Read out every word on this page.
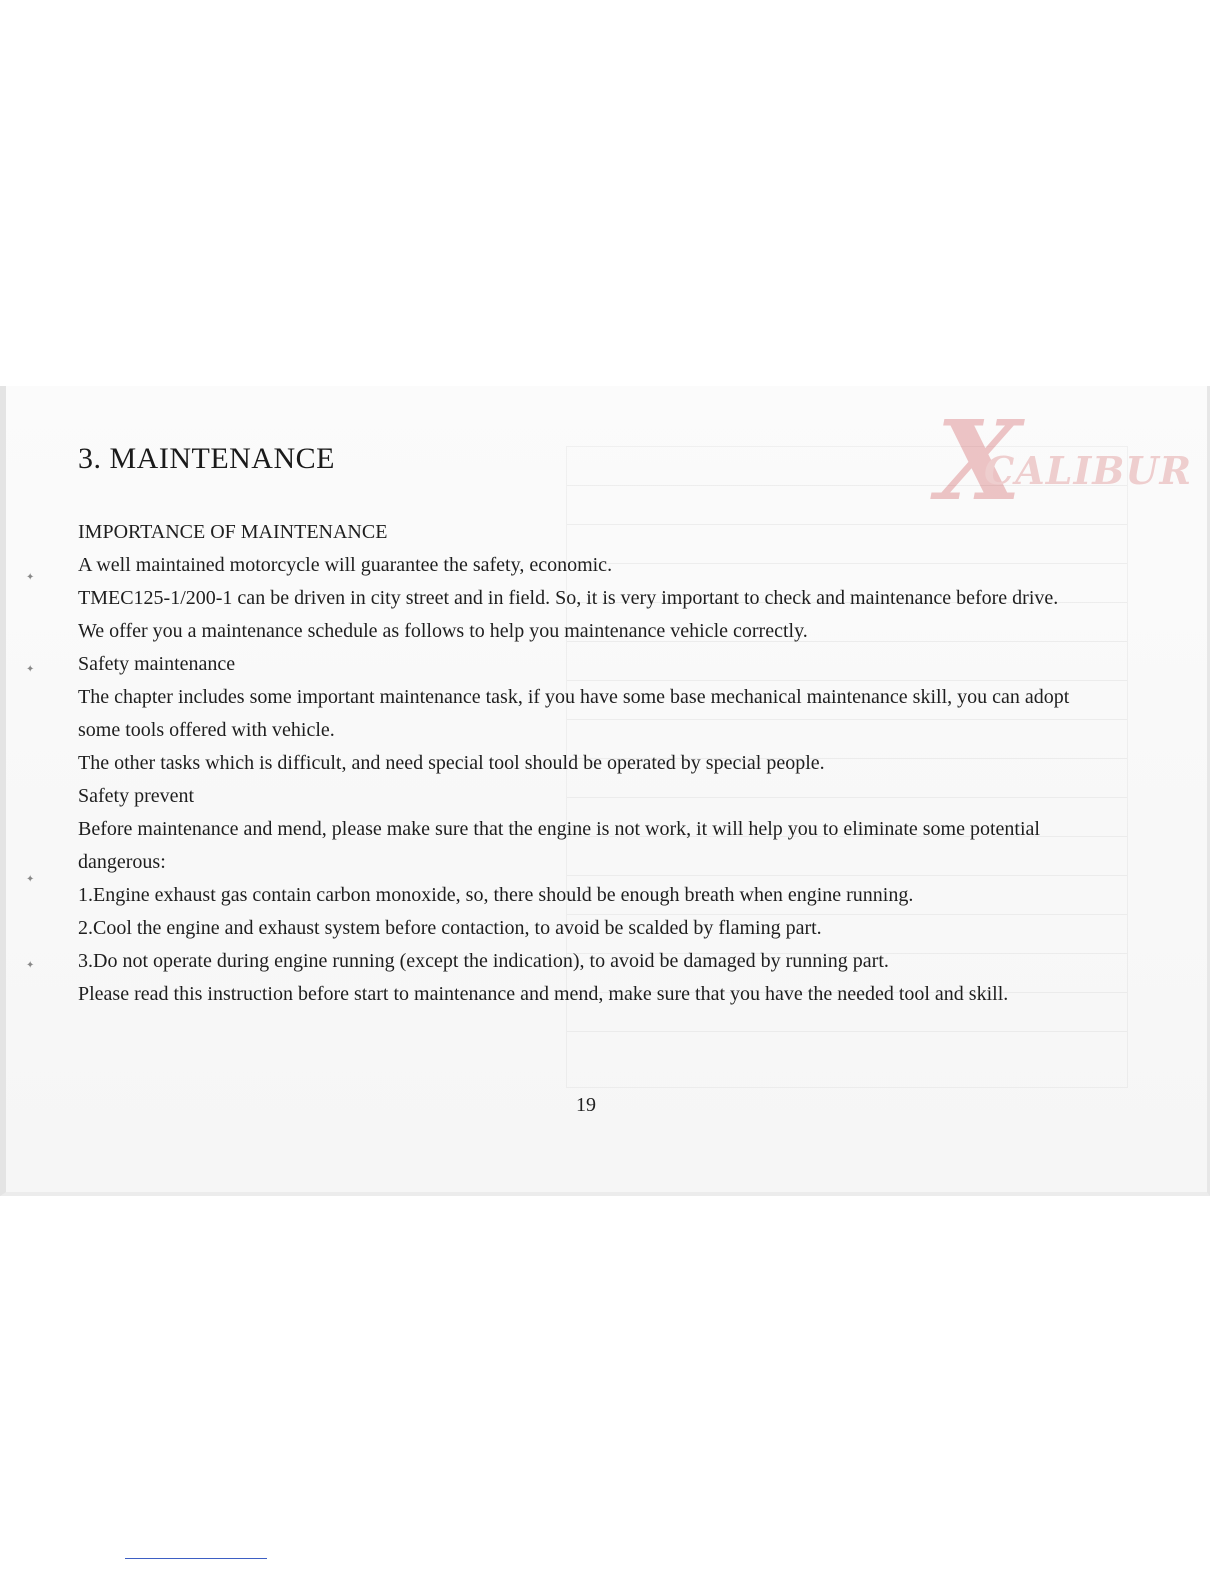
X
CALIBUR
✦
✦
✦
✦
3. MAINTENANCE

IMPORTANCE OF MAINTENANCE

A well maintained motorcycle will guarantee the safety, economic.

TMEC125-1/200-1 can be driven in city street and in field. So, it is very important to check and maintenance before drive.

We offer you a maintenance schedule as follows to help you maintenance vehicle correctly.

Safety maintenance

The chapter includes some important maintenance task, if you have some base mechanical maintenance skill, you can adopt some tools offered with vehicle.

The other tasks which is difficult, and need special tool should be operated by special people.

Safety prevent

Before maintenance and mend, please make sure that the engine is not work, it will help you to eliminate some potential dangerous:

1.Engine exhaust gas contain carbon monoxide, so, there should be enough breath when engine running.

2.Cool the engine and exhaust system before contaction, to avoid be scalded by flaming part.

3.Do not operate during engine running (except the indication), to avoid be damaged by running part.

Please read this instruction before start to maintenance and mend, make sure that you have the needed tool and skill.

19
